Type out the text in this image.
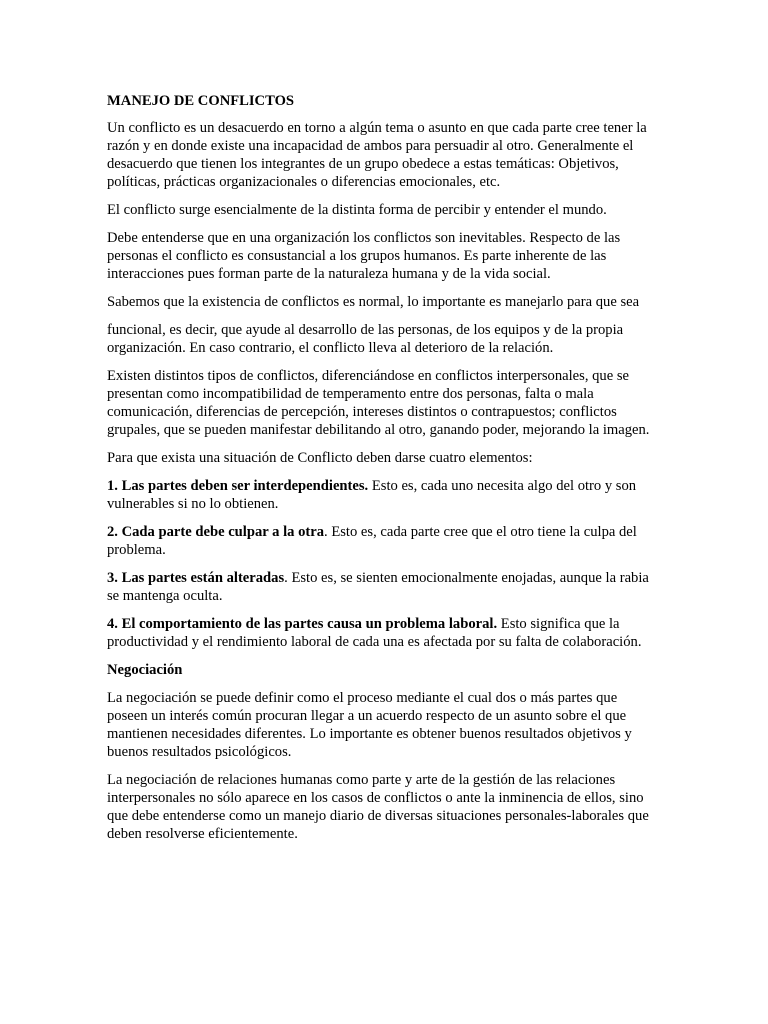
MANEJO DE CONFLICTOS

Un conflicto es un desacuerdo en torno a algún tema o asunto en que cada parte cree tener la razón y en donde existe una incapacidad de ambos para persuadir al otro. Generalmente el desacuerdo que tienen los integrantes de un grupo obedece a estas temáticas: Objetivos, políticas, prácticas organizacionales o diferencias emocionales, etc.

El conflicto surge esencialmente de la distinta forma de percibir y entender el mundo.

Debe entenderse que en una organización los conflictos son inevitables. Respecto de las personas el conflicto es consustancial a los grupos humanos. Es parte inherente de las interacciones pues forman parte de la naturaleza humana y de la vida social.

Sabemos que la existencia de conflictos es normal, lo importante es manejarlo para que sea

funcional, es decir, que ayude al desarrollo de las personas, de los equipos y de la propia organización. En caso contrario, el conflicto lleva al deterioro de la relación.

Existen distintos tipos de conflictos, diferenciándose en conflictos interpersonales, que se presentan como incompatibilidad de temperamento entre dos personas, falta o mala comunicación, diferencias de percepción, intereses distintos o contrapuestos; conflictos grupales, que se pueden manifestar debilitando al otro, ganando poder, mejorando la imagen.

Para que exista una situación de Conflicto deben darse cuatro elementos:

1. Las partes deben ser interdependientes. Esto es, cada uno necesita algo del otro y son

vulnerables si no lo obtienen.

2. Cada parte debe culpar a la otra. Esto es, cada parte cree que el otro tiene la culpa del

problema.

3. Las partes están alteradas. Esto es, se sienten emocionalmente enojadas, aunque la rabia se mantenga oculta.

4. El comportamiento de las partes causa un problema laboral. Esto significa que la

productividad y el rendimiento laboral de cada una es afectada por su falta de colaboración.

Negociación

La negociación se puede definir como el proceso mediante el cual dos o más partes que poseen un interés común procuran llegar a un acuerdo respecto de un asunto sobre el que mantienen necesidades diferentes. Lo importante es obtener buenos resultados objetivos y buenos resultados psicológicos.

La negociación de relaciones humanas como parte y arte de la gestión de las relaciones interpersonales no sólo aparece en los casos de conflictos o ante la inminencia de ellos, sino que debe entenderse como un manejo diario de diversas situaciones personales-laborales que deben resolverse eficientemente.
